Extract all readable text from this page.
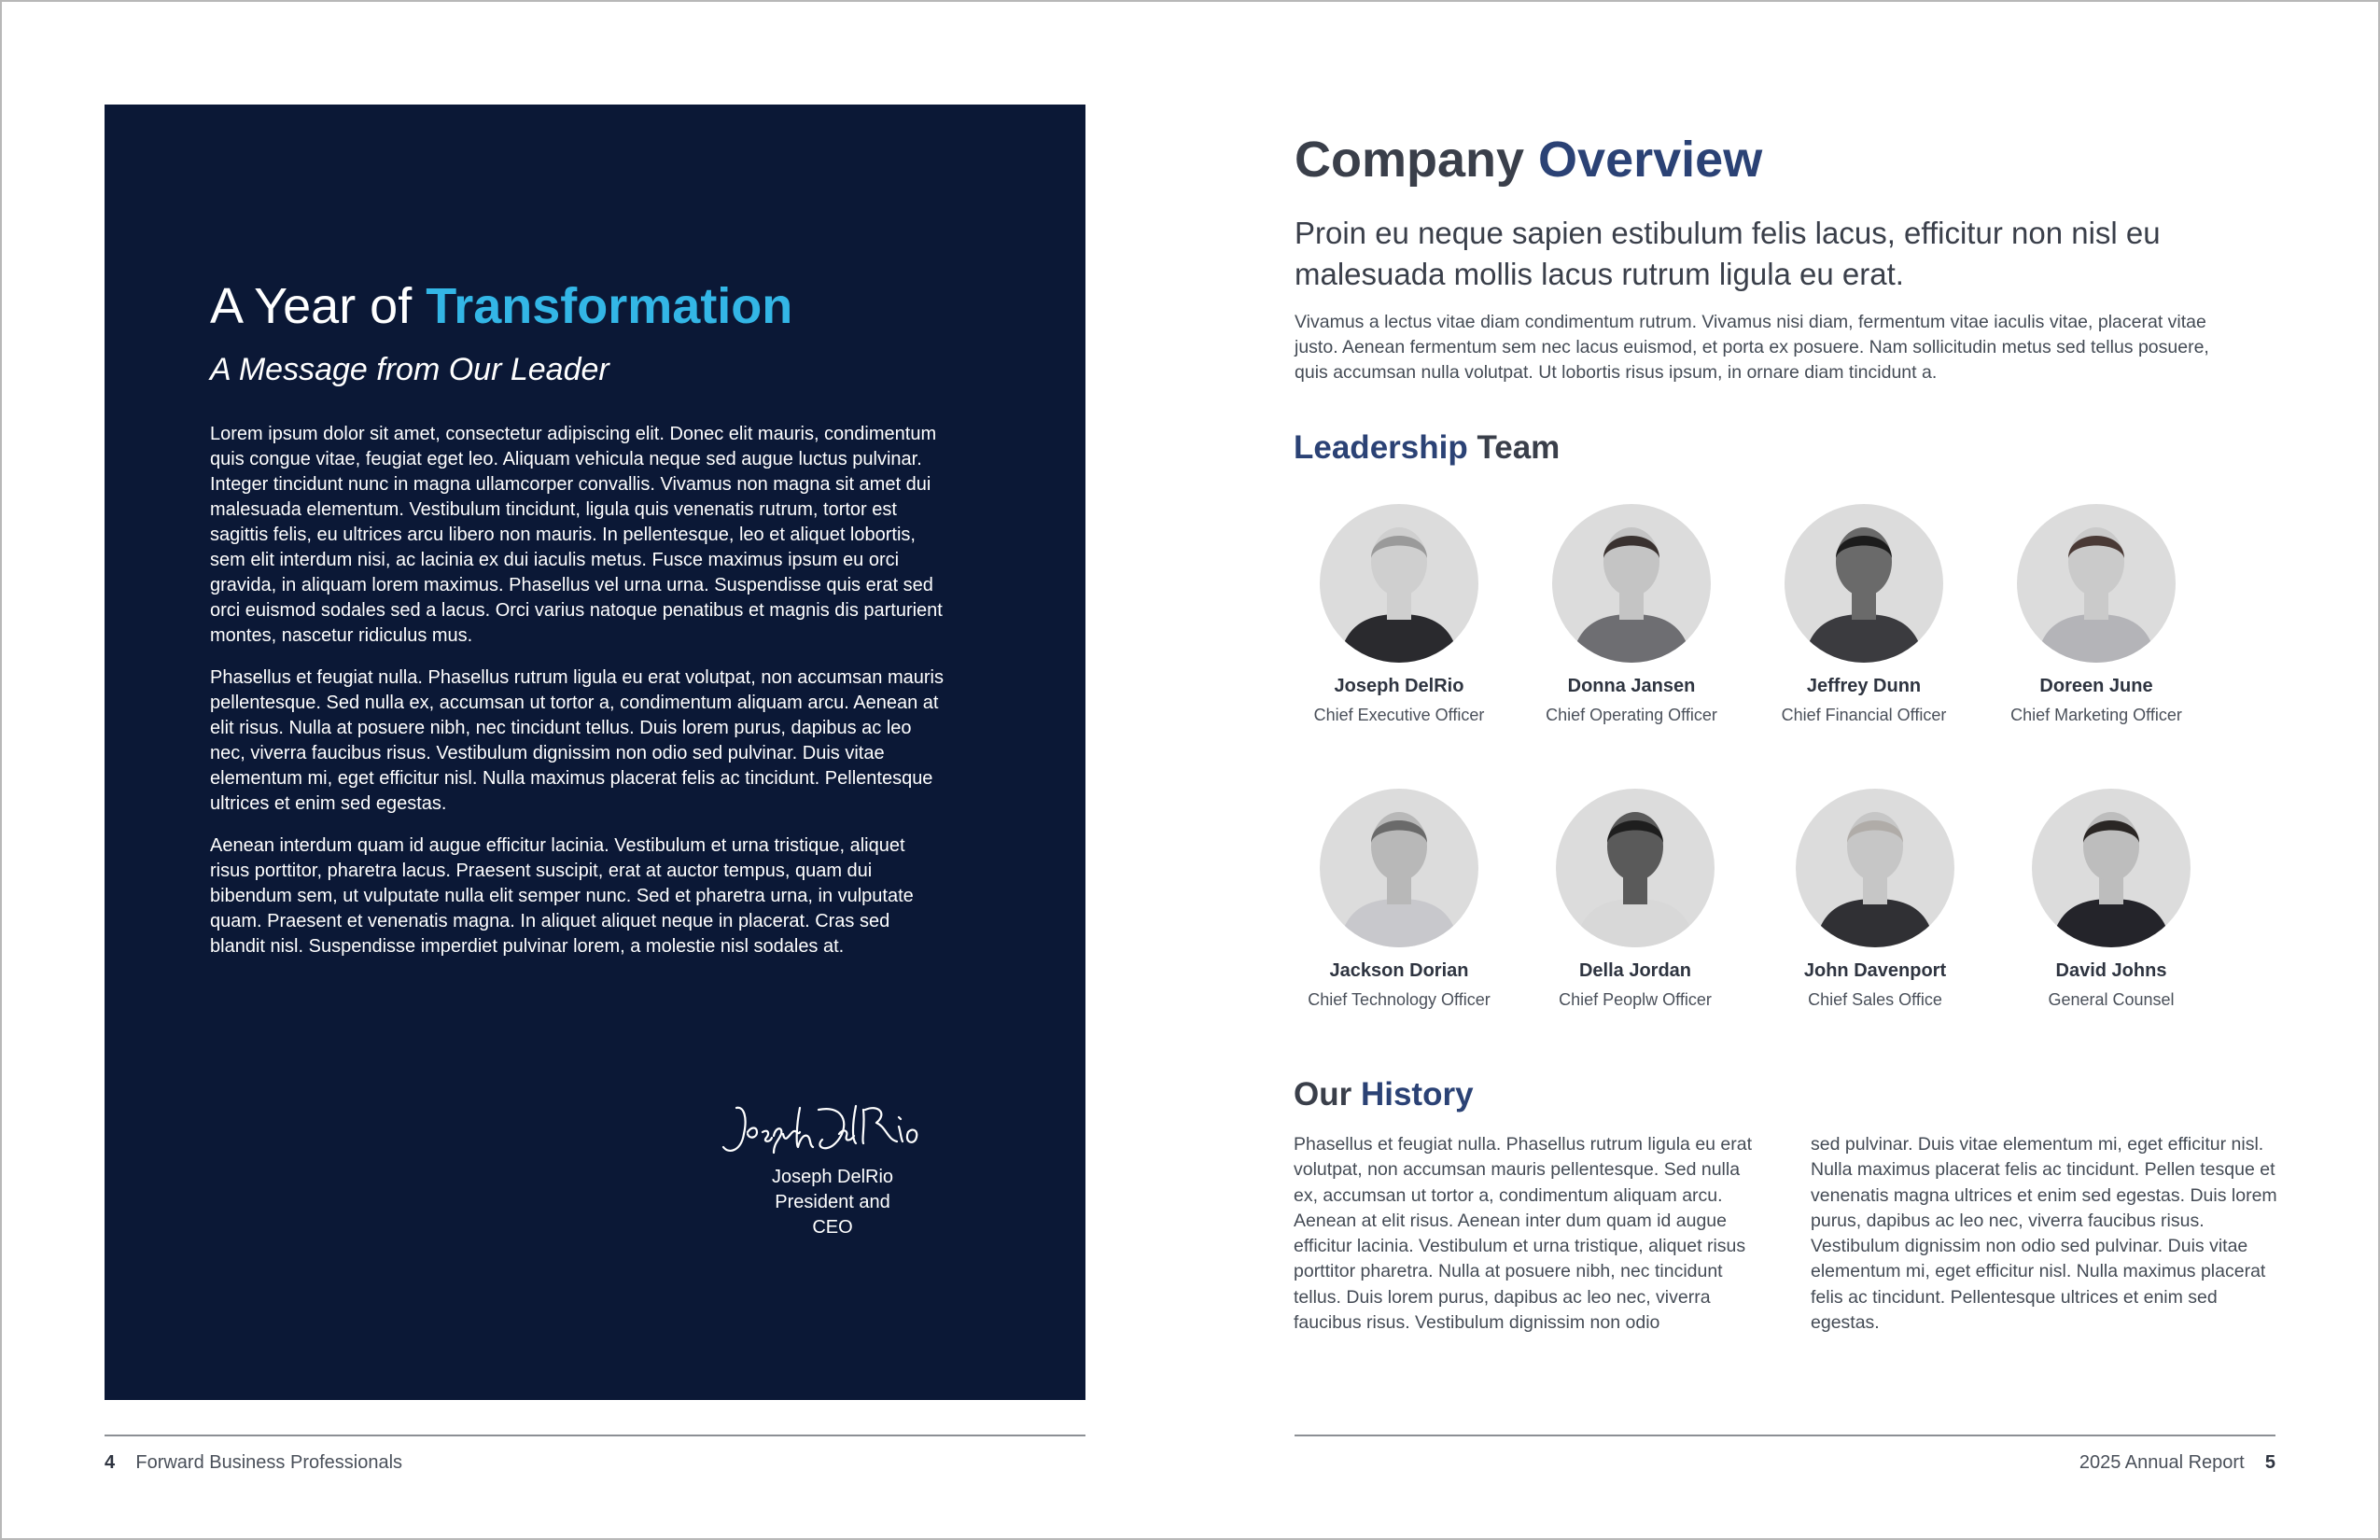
A Year of Transformation
A Message from Our Leader

Lorem ipsum dolor sit amet, consectetur adipiscing elit. Donec elit mauris, condimentum quis congue vitae, feugiat eget leo. Aliquam vehicula neque sed augue luctus pulvinar. Integer tincidunt nunc in magna ullamcorper convallis. Vivamus non magna sit amet dui malesuada elementum. Vestibulum tincidunt, ligula quis venenatis rutrum, tortor est sagittis felis, eu ultrices arcu libero non mauris. In pellentesque, leo et aliquet lobortis, sem elit interdum nisi, ac lacinia ex dui iaculis metus. Fusce maximus ipsum eu orci gravida, in aliquam lorem maximus. Phasellus vel urna urna. Suspendisse quis erat sed orci euismod sodales sed a lacus. Orci varius natoque penatibus et magnis dis parturient montes, nascetur ridiculus mus.

Phasellus et feugiat nulla. Phasellus rutrum ligula eu erat volutpat, non accumsan mauris pellentesque. Sed nulla ex, accumsan ut tortor a, condimentum aliquam arcu. Aenean at elit risus. Nulla at posuere nibh, nec tincidunt tellus. Duis lorem purus, dapibus ac leo nec, viverra faucibus risus. Vestibulum dignissim non odio sed pulvinar. Duis vitae elementum mi, eget efficitur nisl. Nulla maximus placerat felis ac tincidunt. Pellentesque ultrices et enim sed egestas.

Aenean interdum quam id augue efficitur lacinia. Vestibulum et urna tristique, aliquet risus porttitor, pharetra lacus. Praesent suscipit, erat at auctor tempus, quam dui bibendum sem, ut vulputate nulla elit semper nunc. Sed et pharetra urna, in vulputate quam. Praesent et venenatis magna. In aliquet aliquet neque in placerat. Cras sed blandit nisl. Suspendisse imperdiet pulvinar lorem, a molestie nisl sodales at.

Joseph DelRio
President and CEO
4 Forward Business Professionals
Company Overview
Proin eu neque sapien estibulum felis lacus, efficitur non nisl eu malesuada mollis lacus rutrum ligula eu erat.
Vivamus a lectus vitae diam condimentum rutrum. Vivamus nisi diam, fermentum vitae iaculis vitae, placerat vitae justo. Aenean fermentum sem nec lacus euismod, et porta ex posuere. Nam sollicitudin metus sed tellus posuere, quis accumsan nulla volutpat. Ut lobortis risus ipsum, in ornare diam tincidunt a.
Leadership Team
Joseph DelRio
Chief Executive Officer
Donna Jansen
Chief Operating Officer
Jeffrey Dunn
Chief Financial Officer
Doreen June
Chief Marketing Officer
Jackson Dorian
Chief Technology Officer
Della Jordan
Chief Peoplw Officer
John Davenport
Chief Sales Office
David Johns
General Counsel
Our History
Phasellus et feugiat nulla. Phasellus rutrum ligula eu erat volutpat, non accumsan mauris pellentesque. Sed nulla ex, accumsan ut tortor a, condimentum aliquam arcu. Aenean at elit risus. Aenean inter dum quam id augue efficitur lacinia. Vestibulum et urna tristique, aliquet risus porttitor pharetra. Nulla at posuere nibh, nec tincidunt tellus. Duis lorem purus, dapibus ac leo nec, viverra faucibus risus. Vestibulum dignissim non odio
sed pulvinar. Duis vitae elementum mi, eget efficitur nisl. Nulla maximus placerat felis ac tincidunt. Pellen tesque et venenatis magna ultrices et enim sed egestas. Duis lorem purus, dapibus ac leo nec, viverra faucibus risus. Vestibulum dignissim non odio sed pulvinar. Duis vitae elementum mi, eget efficitur nisl. Nulla maximus placerat felis ac tincidunt. Pellentesque ultrices et enim sed egestas.
2025 Annual Report 5
